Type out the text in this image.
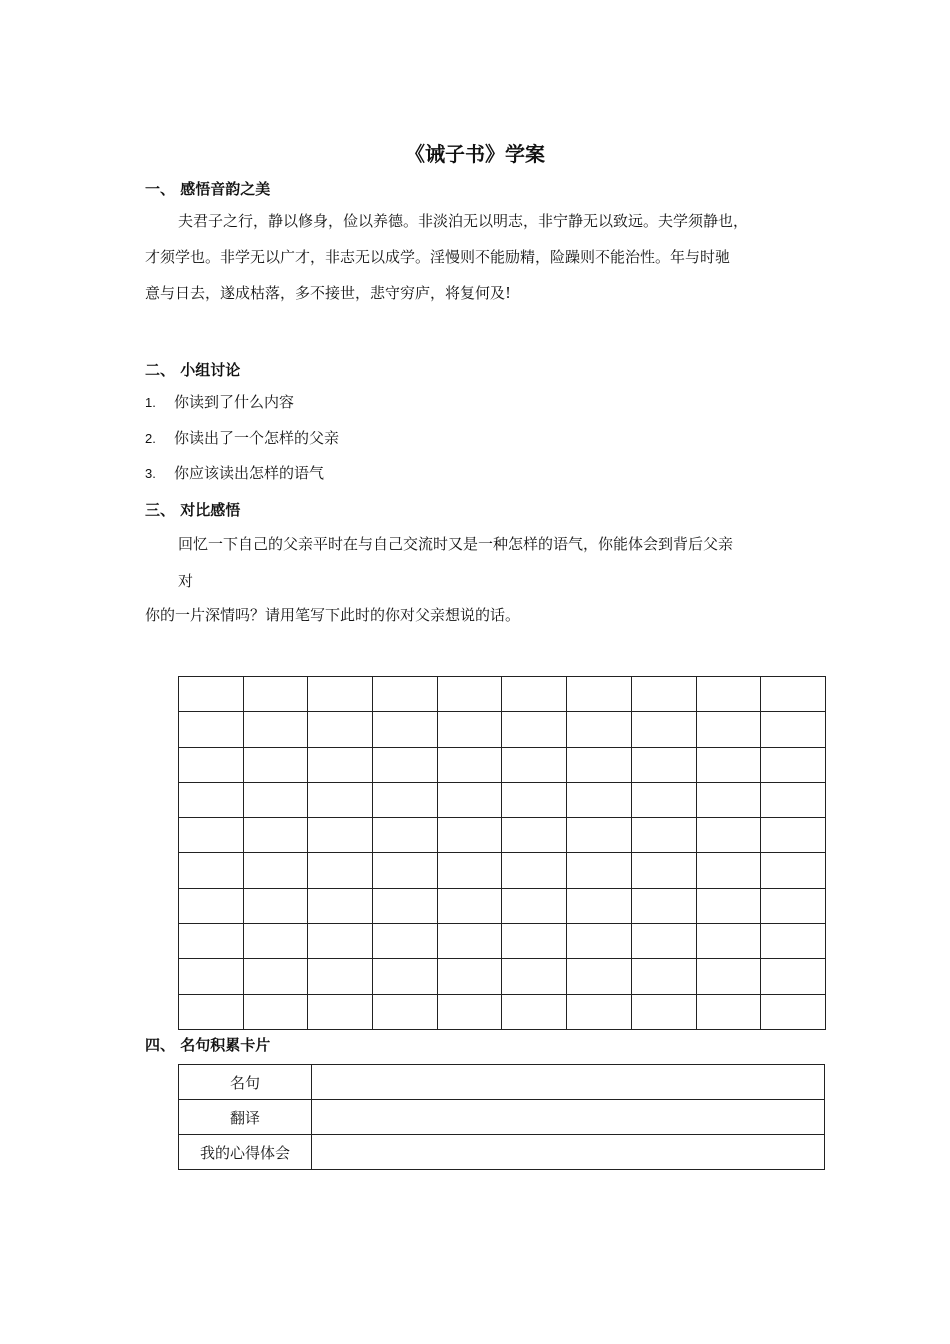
《诫子书》学案
一、 感悟音韵之美
夫君子之行，静以修身，俭以养德。非淡泊无以明志，非宁静无以致远。夫学须静也，
才须学也。非学无以广才，非志无以成学。淫慢则不能励精，险躁则不能治性。年与时驰
意与日去，遂成枯落，多不接世，悲守穷庐，将复何及!
二、 小组讨论
1. 你读到了什么内容
2. 你读出了一个怎样的父亲
3. 你应该读出怎样的语气
三、 对比感悟
回忆一下自己的父亲平时在与自己交流时又是一种怎样的语气，你能体会到背后父亲
对
你的一片深情吗？请用笔写下此时的你对父亲想说的话。

四、 名句积累卡片
名句	
翻译	
我的心得体会	
